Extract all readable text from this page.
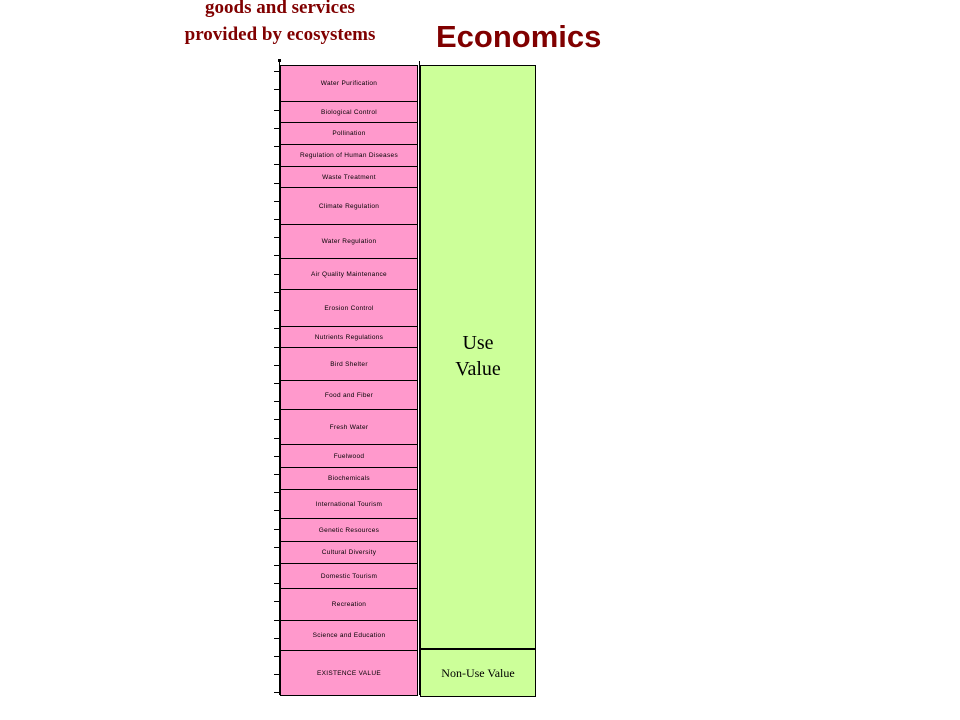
goods and services
provided by ecosystems	Economics
Water Purification
Biological Control
Pollination
Regulation of Human Diseases
Waste Treatment
Climate Regulation
Water Regulation
Air Quality Maintenance
Erosion Control
Nutrients Regulations
Bird Shelter
Food and Fiber
Fresh Water
Fuelwood
Biochemicals
International Tourism
Genetic Resources
Cultural Diversity
Domestic Tourism
Recreation
Science and Education
EXISTENCE VALUE
Use
Value
Non-Use Value
